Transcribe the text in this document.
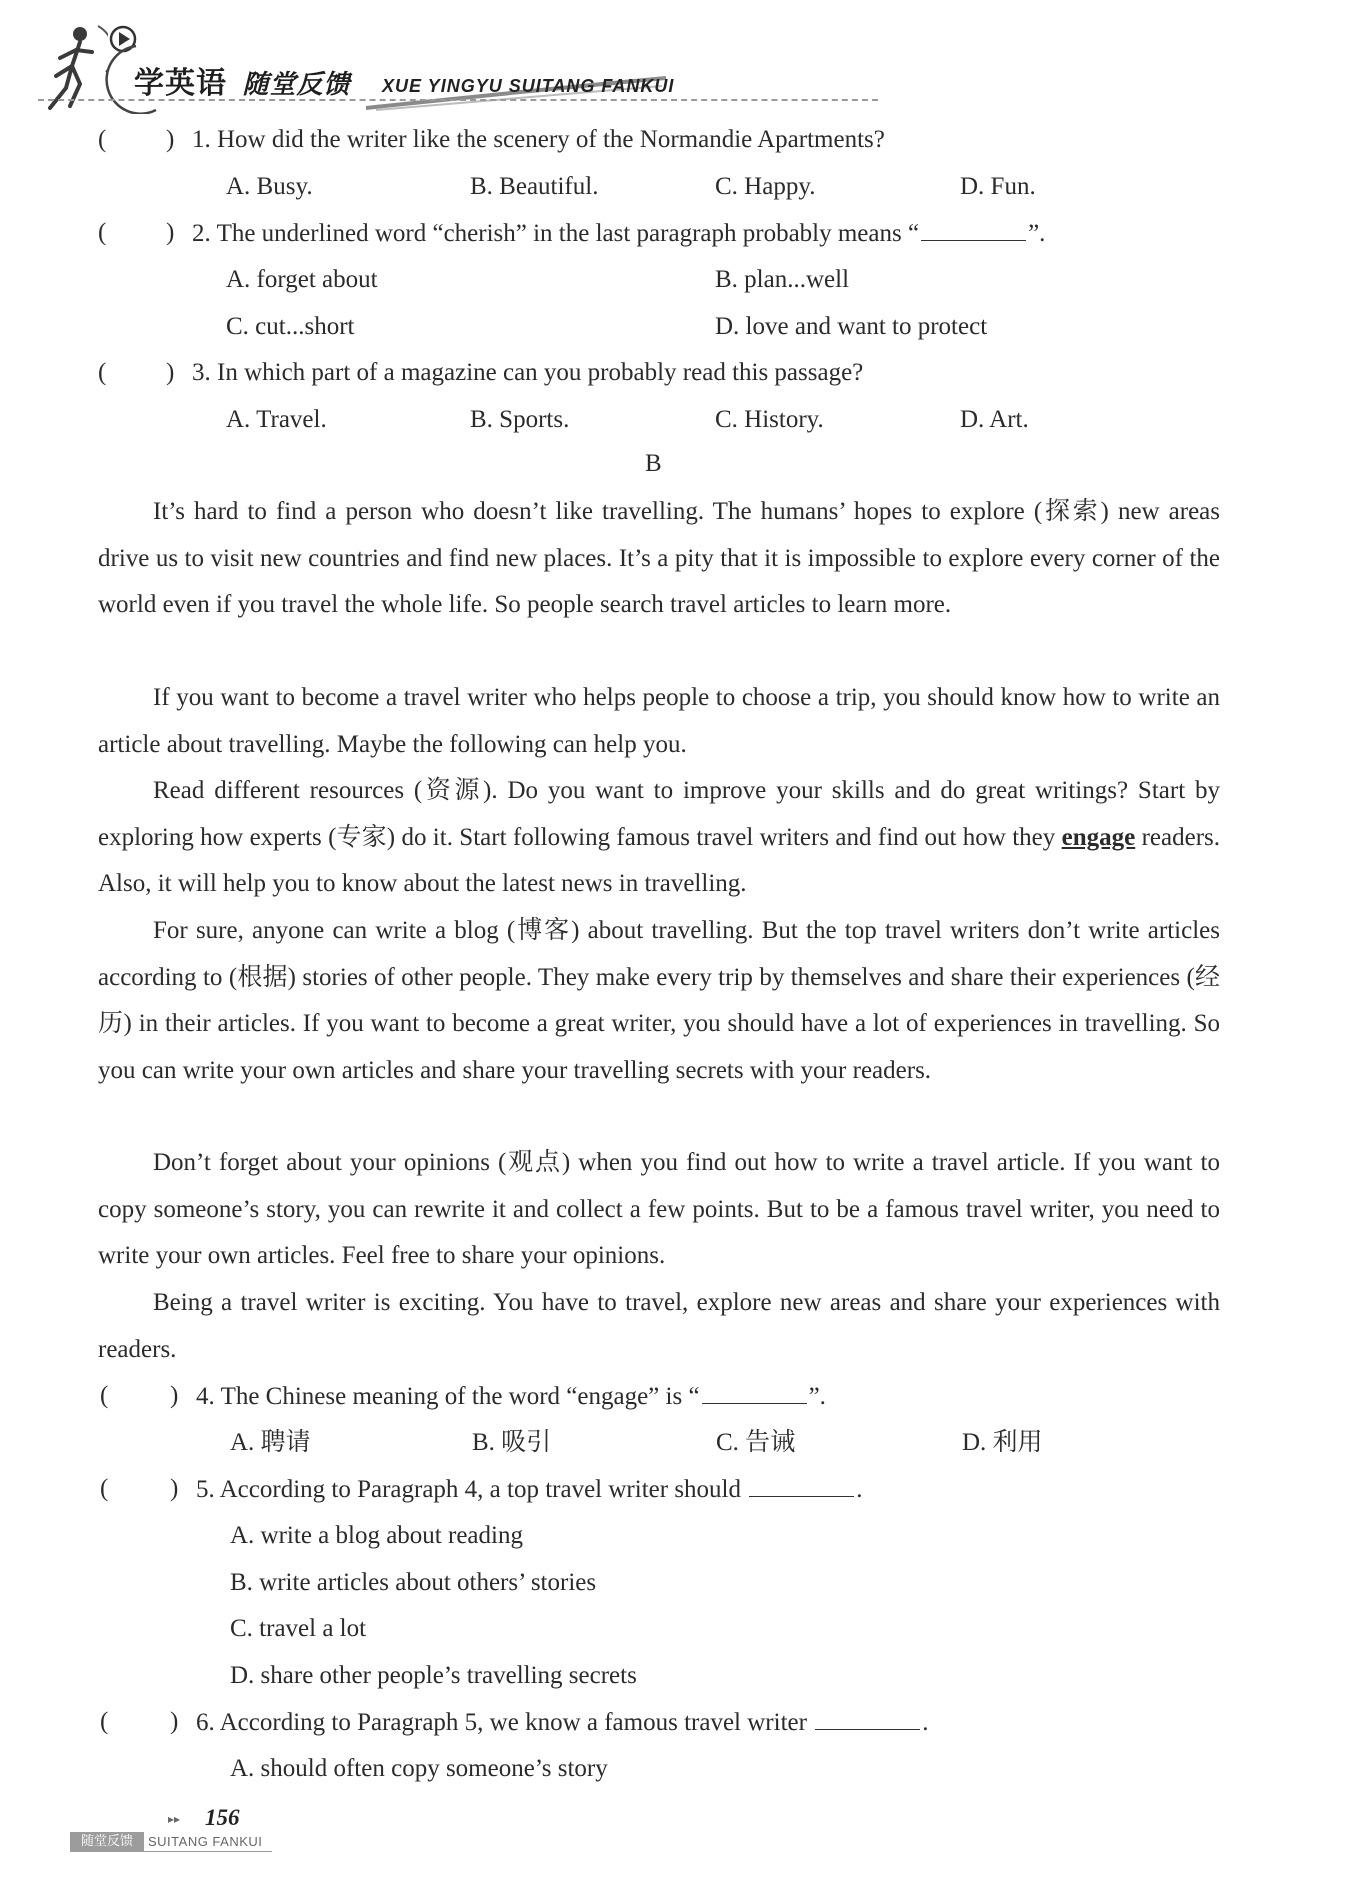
学英语 随堂反馈 XUE YINGYU SUITANG FANKUI
( ) 1. How did the writer like the scenery of the Normandie Apartments?
A. Busy.	B. Beautiful.	C. Happy.	D. Fun.
( ) 2. The underlined word “cherish” in the last paragraph probably means “	”.
A. forget about	B. plan...well
C. cut...short	D. love and want to protect
( ) 3. In which part of a magazine can you probably read this passage?
A. Travel.	B. Sports.	C. History.	D. Art.
B
It’s hard to find a person who doesn’t like travelling. The humans’ hopes to explore (探索) new areas drive us to visit new countries and find new places. It’s a pity that it is impossible to explore every corner of the world even if you travel the whole life. So people search travel articles to learn more.
If you want to become a travel writer who helps people to choose a trip, you should know how to write an article about travelling. Maybe the following can help you.
Read different resources (资源). Do you want to improve your skills and do great writings? Start by exploring how experts (专家) do it. Start following famous travel writers and find out how they engage readers. Also, it will help you to know about the latest news in travelling.
For sure, anyone can write a blog (博客) about travelling. But the top travel writers don’t write articles according to (根据) stories of other people. They make every trip by themselves and share their experiences (经历) in their articles. If you want to become a great writer, you should have a lot of experiences in travelling. So you can write your own articles and share your travelling secrets with your readers.
Don’t forget about your opinions (观点) when you find out how to write a travel article. If you want to copy someone’s story, you can rewrite it and collect a few points. But to be a famous travel writer, you need to write your own articles. Feel free to share your opinions.
Being a travel writer is exciting. You have to travel, explore new areas and share your experiences with readers.
( ) 4. The Chinese meaning of the word “engage” is “	”.
A. 聘请	B. 吸引	C. 告诫	D. 利用
( ) 5. According to Paragraph 4, a top travel writer should	.
A. write a blog about reading
B. write articles about others’ stories
C. travel a lot
D. share other people’s travelling secrets
( ) 6. According to Paragraph 5, we know a famous travel writer	.
A. should often copy someone’s story
▸▸ 156
随堂反馈	SUITANG FANKUI
